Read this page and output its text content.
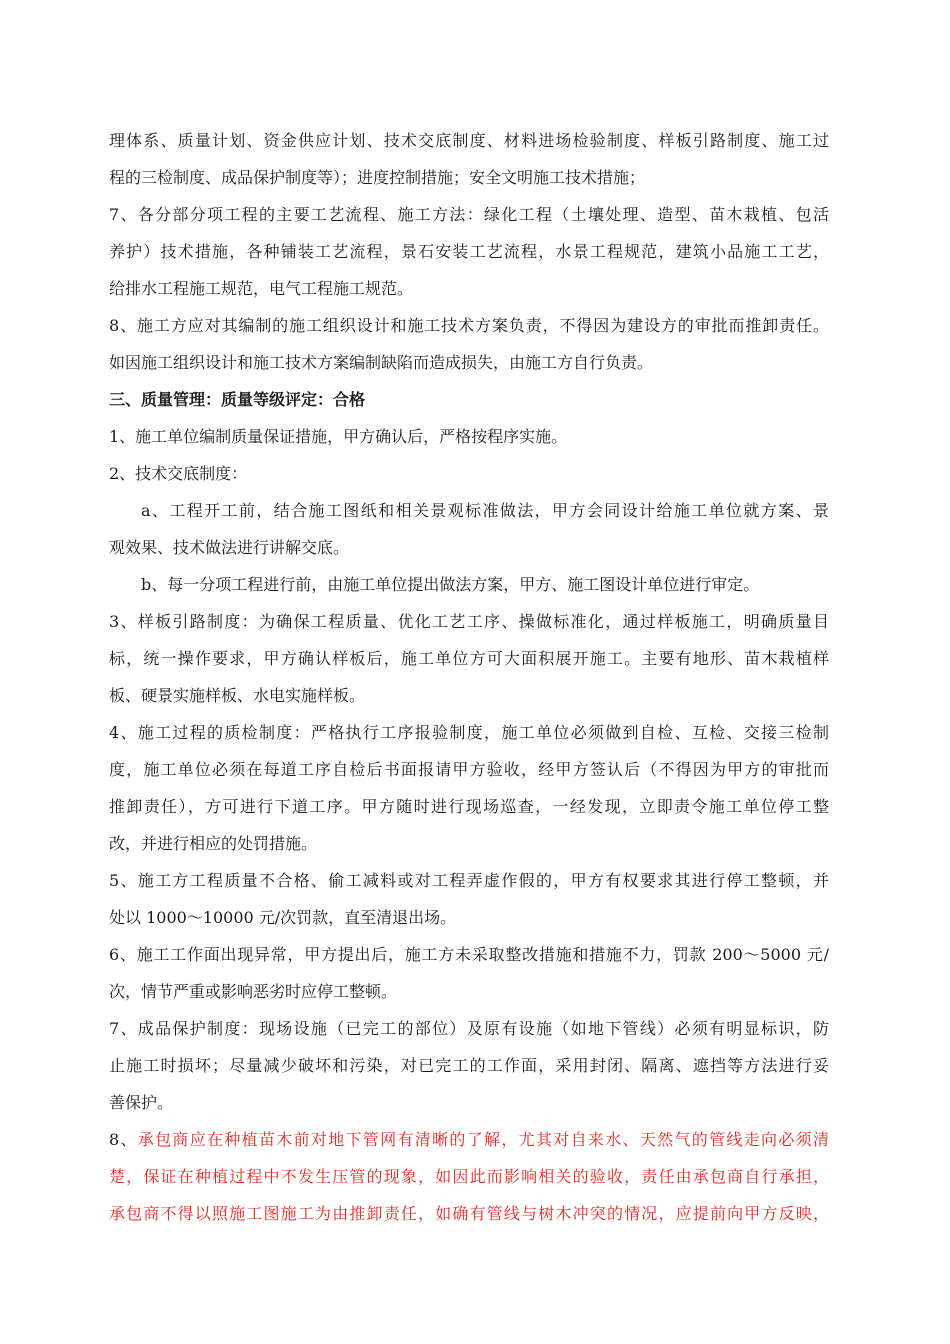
理体系、质量计划、资金供应计划、技术交底制度、材料进场检验制度、样板引路制度、施工过
程的三检制度、成品保护制度等）；进度控制措施；安全文明施工技术措施；
7、各分部分项工程的主要工艺流程、施工方法：绿化工程（土壤处理、造型、苗木栽植、包活
养护）技术措施，各种铺装工艺流程，景石安装工艺流程，水景工程规范，建筑小品施工工艺，
给排水工程施工规范，电气工程施工规范。
8、施工方应对其编制的施工组织设计和施工技术方案负责，不得因为建设方的审批而推卸责任。
如因施工组织设计和施工技术方案编制缺陷而造成损失，由施工方自行负责。
三、质量管理：质量等级评定：合格
1、施工单位编制质量保证措施，甲方确认后，严格按程序实施。
2、技术交底制度：
a、工程开工前，结合施工图纸和相关景观标准做法，甲方会同设计给施工单位就方案、景
观效果、技术做法进行讲解交底。
b、每一分项工程进行前，由施工单位提出做法方案，甲方、施工图设计单位进行审定。
3、样板引路制度：为确保工程质量、优化工艺工序、操做标准化，通过样板施工，明确质量目
标，统一操作要求，甲方确认样板后，施工单位方可大面积展开施工。主要有地形、苗木栽植样
板、硬景实施样板、水电实施样板。
4、施工过程的质检制度：严格执行工序报验制度，施工单位必须做到自检、互检、交接三检制
度，施工单位必须在每道工序自检后书面报请甲方验收，经甲方签认后（不得因为甲方的审批而
推卸责任），方可进行下道工序。甲方随时进行现场巡查，一经发现，立即责令施工单位停工整
改，并进行相应的处罚措施。
5、施工方工程质量不合格、偷工减料或对工程弄虚作假的，甲方有权要求其进行停工整顿，并
处以 1000～10000 元/次罚款，直至清退出场。
6、施工工作面出现异常，甲方提出后，施工方未采取整改措施和措施不力，罚款 200～5000 元/
次，情节严重或影响恶劣时应停工整顿。
7、成品保护制度：现场设施（已完工的部位）及原有设施（如地下管线）必须有明显标识，防
止施工时损坏；尽量减少破坏和污染，对已完工的工作面，采用封闭、隔离、遮挡等方法进行妥
善保护。
8、承包商应在种植苗木前对地下管网有清晰的了解，尤其对自来水、天然气的管线走向必须清
楚，保证在种植过程中不发生压管的现象，如因此而影响相关的验收，责任由承包商自行承担，
承包商不得以照施工图施工为由推卸责任，如确有管线与树木冲突的情况，应提前向甲方反映，
